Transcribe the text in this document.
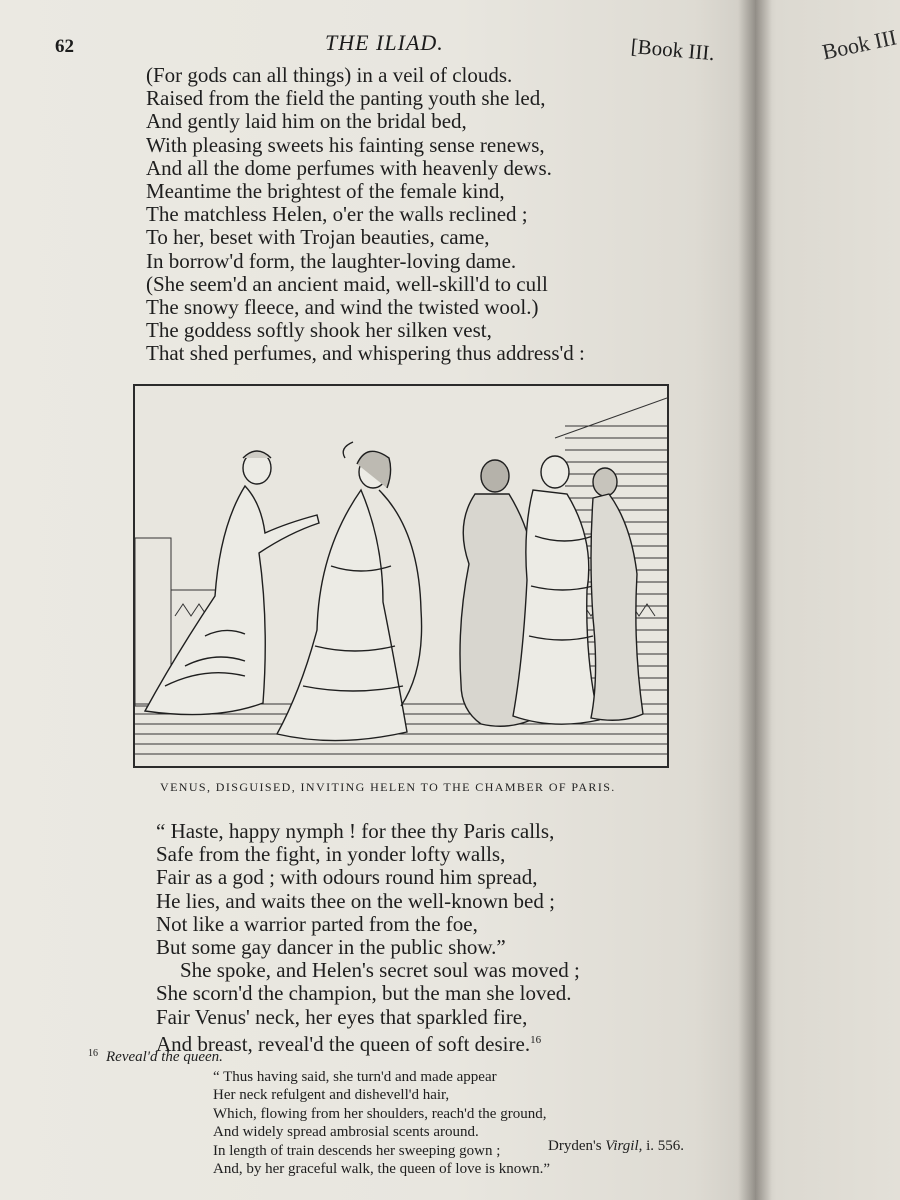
Book III
62	THE ILIAD.	[Book III.
(For gods can all things) in a veil of clouds.
Raised from the field the panting youth she led,
And gently laid him on the bridal bed,
With pleasing sweets his fainting sense renews,
And all the dome perfumes with heavenly dews.
Meantime the brightest of the female kind,
The matchless Helen, o'er the walls reclined ;
To her, beset with Trojan beauties, came,
In borrow'd form, the laughter-loving dame.
(She seem'd an ancient maid, well-skill'd to cull
The snowy fleece, and wind the twisted wool.)
The goddess softly shook her silken vest,
That shed perfumes, and whispering thus address'd :
VENUS, DISGUISED, INVITING HELEN TO THE CHAMBER OF PARIS.
“ Haste, happy nymph ! for thee thy Paris calls,
Safe from the fight, in yonder lofty walls,
Fair as a god ; with odours round him spread,
He lies, and waits thee on the well-known bed ;
Not like a warrior parted from the foe,
But some gay dancer in the public show.”
She spoke, and Helen's secret soul was moved ;
She scorn'd the champion, but the man she loved.
Fair Venus' neck, her eyes that sparkled fire,
And breast, reveal'd the queen of soft desire.$^{16}$
$^{16}$ Reveal'd the queen.
“ Thus having said, she turn'd and made appear
Her neck refulgent and dishevell'd hair,
Which, flowing from her shoulders, reach'd the ground,
And widely spread ambrosial scents around.
In length of train descends her sweeping gown ;
And, by her graceful walk, the queen of love is known.”
Dryden's Virgil, i. 556.
